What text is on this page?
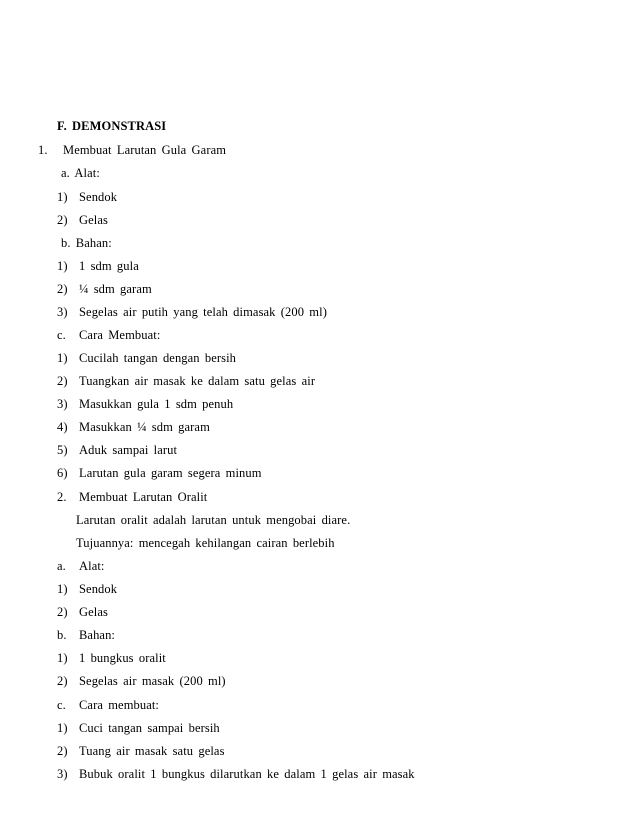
F. DEMONSTRASI
1. Membuat Larutan Gula Garam
a. Alat:
1) Sendok
2) Gelas
b. Bahan:
1) 1 sdm gula
2) ¼ sdm garam
3) Segelas air putih yang telah dimasak (200 ml)
c. Cara Membuat:
1) Cucilah tangan dengan bersih
2) Tuangkan air masak ke dalam satu gelas air
3) Masukkan gula 1 sdm penuh
4) Masukkan ¼ sdm garam
5) Aduk sampai larut
6) Larutan gula garam segera minum
2. Membuat Larutan Oralit
Larutan oralit adalah larutan untuk mengobai diare.
Tujuannya: mencegah kehilangan cairan berlebih
a. Alat:
1) Sendok
2) Gelas
b. Bahan:
1) 1 bungkus oralit
2) Segelas air masak (200 ml)
c. Cara membuat:
1) Cuci tangan sampai bersih
2) Tuang air masak satu gelas
3) Bubuk oralit 1 bungkus dilarutkan ke dalam 1 gelas air masak
